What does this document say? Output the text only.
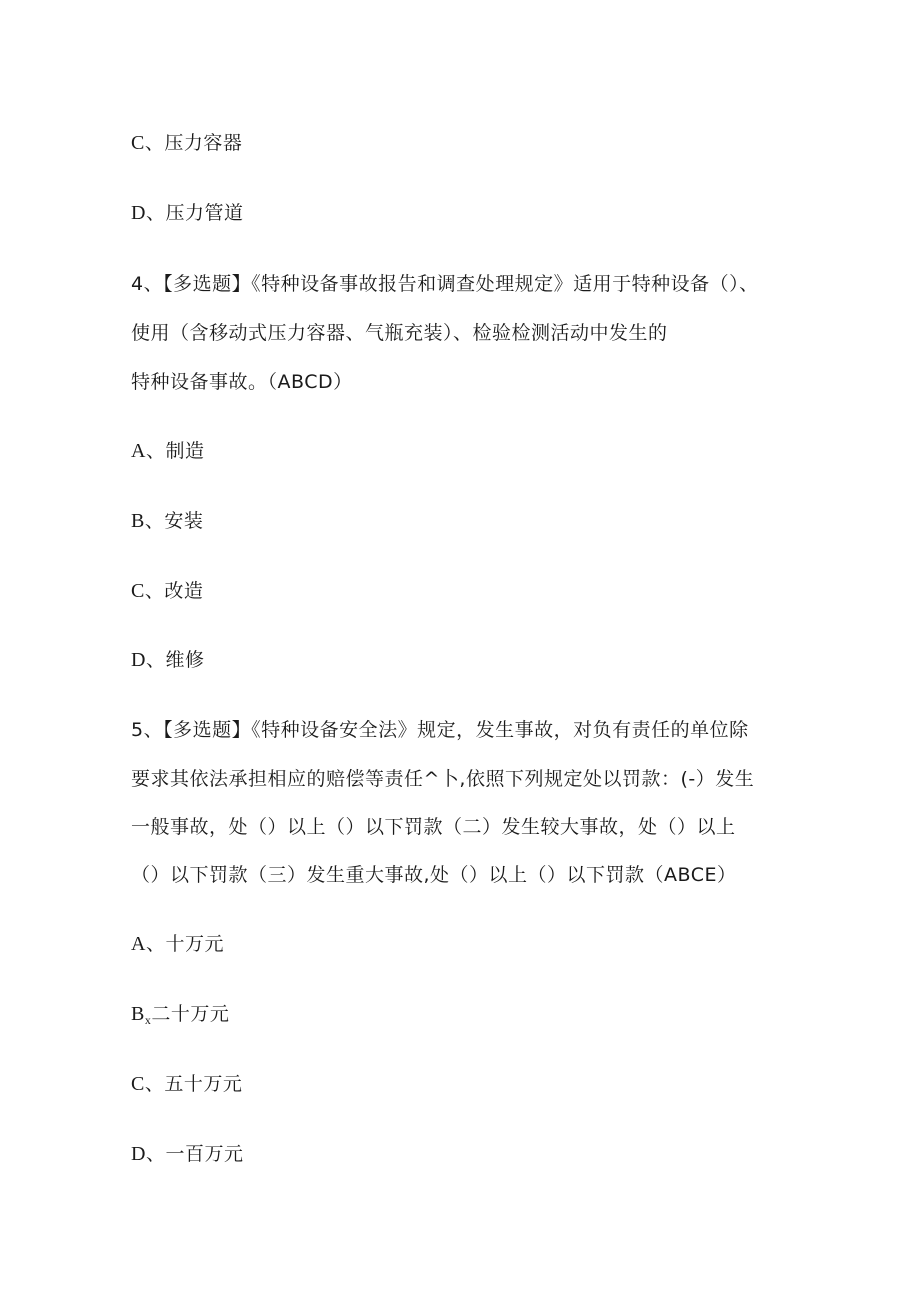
C、压力容器
D、压力管道
4、【多选题】《特种设备事故报告和调查处理规定》适用于特种设备（）、
使用（含移动式压力容器、气瓶充装）、检验检测活动中发生的
特种设备事故。（ABCD）
A、制造
B、安装
C、改造
D、维修
5、【多选题】《特种设备安全法》规定，发生事故，对负有责任的单位除
要求其依法承担相应的赔偿等责任^卜,依照下列规定处以罚款：(-）发生
一般事故，处（）以上（）以下罚款（二）发生较大事故，处（）以上
（）以下罚款（三）发生重大事故,处（）以上（）以下罚款（ABCE）
A、十万元
$B_x$二十万元
C、五十万元
D、一百万元
